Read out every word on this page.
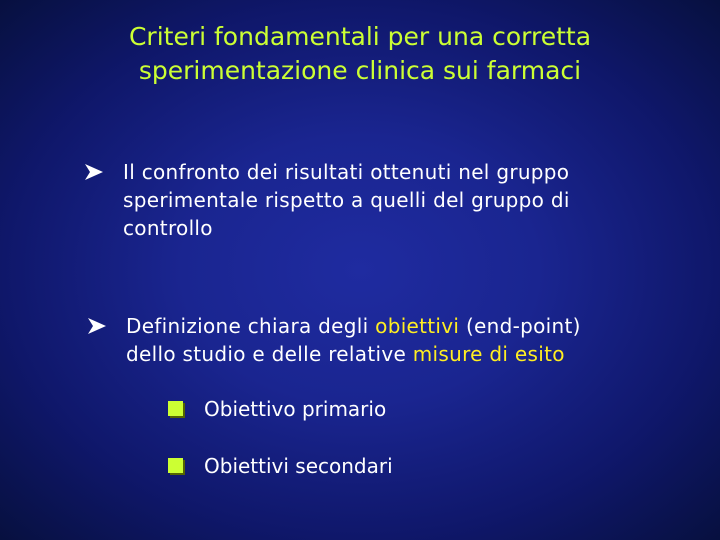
Criteri fondamentali per una corretta
sperimentazione clinica sui farmaci
Il confronto dei risultati ottenuti nel gruppo
sperimentale rispetto a quelli del gruppo di
controllo
Definizione chiara degli obiettivi (end-point)
dello studio e delle relative misure di esito
Obiettivo primario
Obiettivi secondari
